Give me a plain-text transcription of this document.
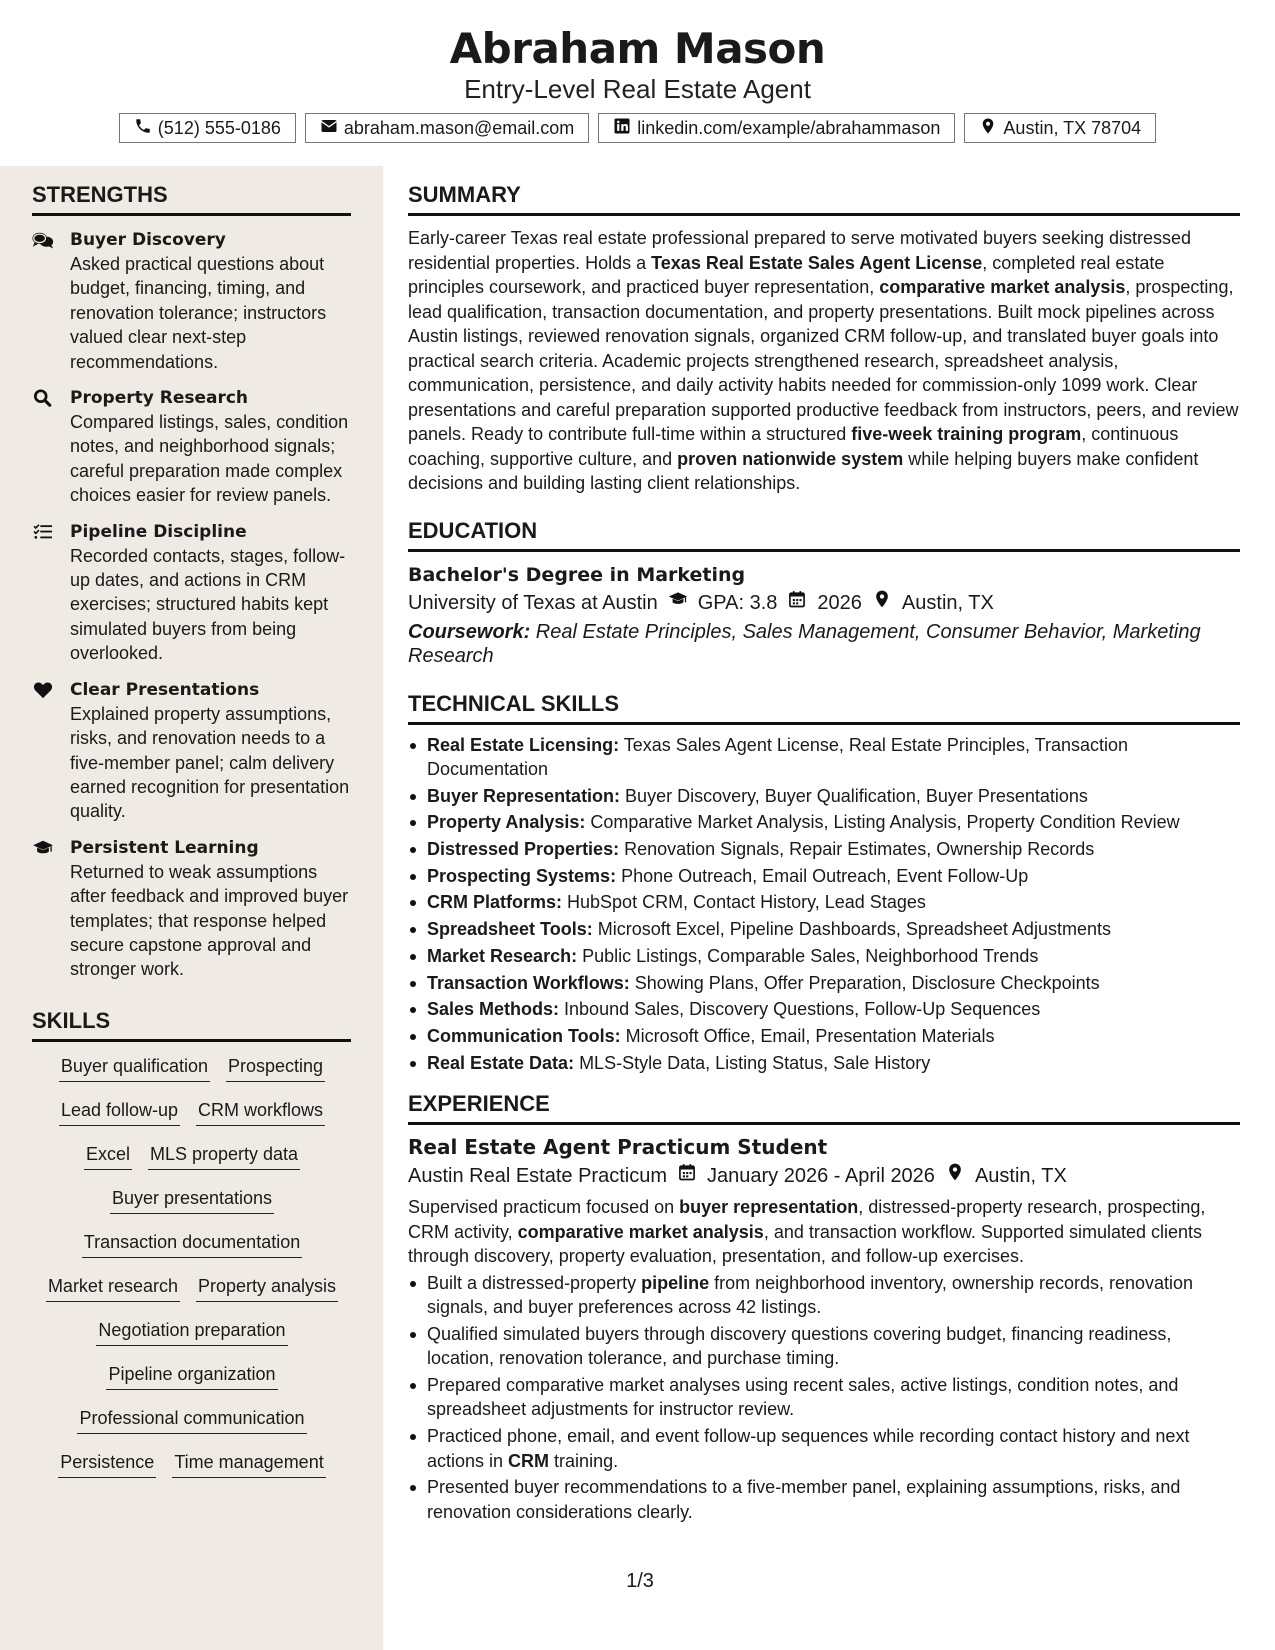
Abraham Mason
Entry-Level Real Estate Agent
(512) 555-0186	abraham.mason@email.com	linkedin.com/example/abrahammason	Austin, TX 78704
STRENGTHS
Buyer Discovery
Asked practical questions about budget, financing, timing, and renovation tolerance; instructors valued clear next-step recommendations.
Property Research
Compared listings, sales, condition notes, and neighborhood signals; careful preparation made complex choices easier for review panels.
Pipeline Discipline
Recorded contacts, stages, follow-up dates, and actions in CRM exercises; structured habits kept simulated buyers from being overlooked.
Clear Presentations
Explained property assumptions, risks, and renovation needs to a five-member panel; calm delivery earned recognition for presentation quality.
Persistent Learning
Returned to weak assumptions after feedback and improved buyer templates; that response helped secure capstone approval and stronger work.
SKILLS
Buyer qualification Prospecting
Lead follow-up CRM workflows
Excel MLS property data
Buyer presentations
Transaction documentation
Market research Property analysis
Negotiation preparation
Pipeline organization
Professional communication
Persistence Time management
SUMMARY
Early-career Texas real estate professional prepared to serve motivated buyers seeking distressed residential properties. Holds a Texas Real Estate Sales Agent License, completed real estate principles coursework, and practiced buyer representation, comparative market analysis, prospecting, lead qualification, transaction documentation, and property presentations. Built mock pipelines across Austin listings, reviewed renovation signals, organized CRM follow-up, and translated buyer goals into practical search criteria. Academic projects strengthened research, spreadsheet analysis, communication, persistence, and daily activity habits needed for commission-only 1099 work. Clear presentations and careful preparation supported productive feedback from instructors, peers, and review panels. Ready to contribute full-time within a structured five-week training program, continuous coaching, supportive culture, and proven nationwide system while helping buyers make confident decisions and building lasting client relationships.
EDUCATION
Bachelor's Degree in Marketing
University of Texas at Austin GPA: 3.8 2026 Austin, TX
Coursework: Real Estate Principles, Sales Management, Consumer Behavior, Marketing Research
TECHNICAL SKILLS
Real Estate Licensing: Texas Sales Agent License, Real Estate Principles, Transaction Documentation
Buyer Representation: Buyer Discovery, Buyer Qualification, Buyer Presentations
Property Analysis: Comparative Market Analysis, Listing Analysis, Property Condition Review
Distressed Properties: Renovation Signals, Repair Estimates, Ownership Records
Prospecting Systems: Phone Outreach, Email Outreach, Event Follow-Up
CRM Platforms: HubSpot CRM, Contact History, Lead Stages
Spreadsheet Tools: Microsoft Excel, Pipeline Dashboards, Spreadsheet Adjustments
Market Research: Public Listings, Comparable Sales, Neighborhood Trends
Transaction Workflows: Showing Plans, Offer Preparation, Disclosure Checkpoints
Sales Methods: Inbound Sales, Discovery Questions, Follow-Up Sequences
Communication Tools: Microsoft Office, Email, Presentation Materials
Real Estate Data: MLS-Style Data, Listing Status, Sale History
EXPERIENCE
Real Estate Agent Practicum Student
Austin Real Estate Practicum January 2026 - April 2026 Austin, TX
Supervised practicum focused on buyer representation, distressed-property research, prospecting, CRM activity, comparative market analysis, and transaction workflow. Supported simulated clients through discovery, property evaluation, presentation, and follow-up exercises.
Built a distressed-property pipeline from neighborhood inventory, ownership records, renovation signals, and buyer preferences across 42 listings.
Qualified simulated buyers through discovery questions covering budget, financing readiness, location, renovation tolerance, and purchase timing.
Prepared comparative market analyses using recent sales, active listings, condition notes, and spreadsheet adjustments for instructor review.
Practiced phone, email, and event follow-up sequences while recording contact history and next actions in CRM training.
Presented buyer recommendations to a five-member panel, explaining assumptions, risks, and renovation considerations clearly.
1/3
